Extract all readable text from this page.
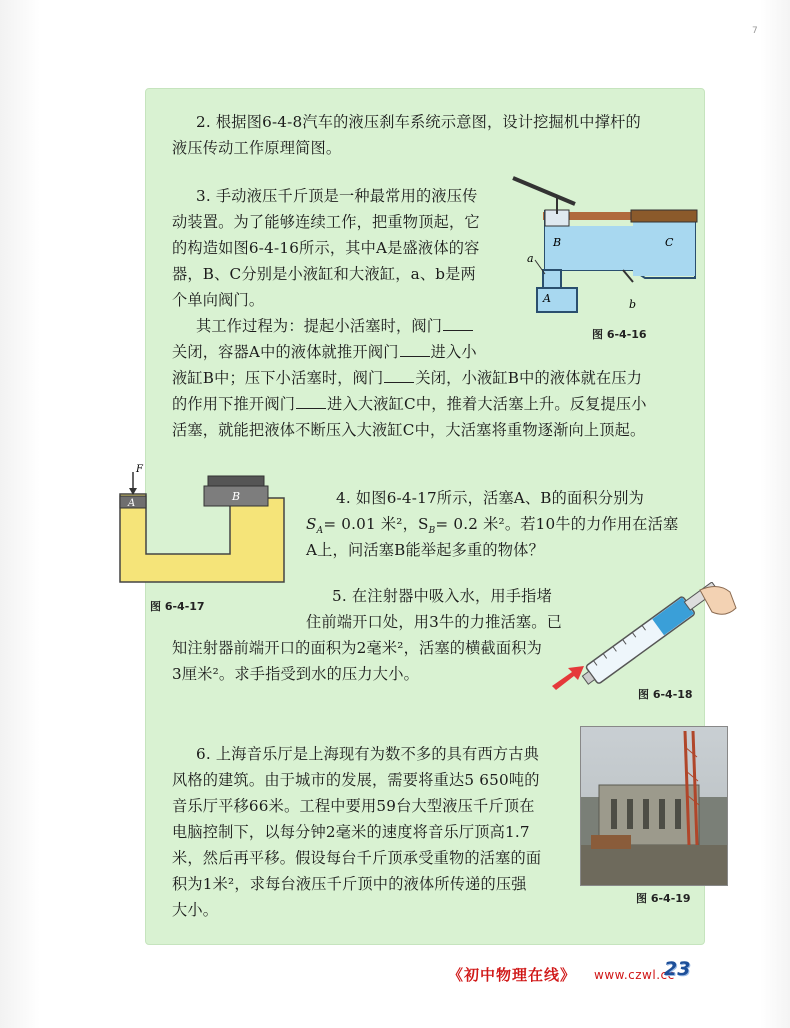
7
2. 根据图6-4-8汽车的液压刹车系统示意图，设计挖掘机中撑杆的
液压传动工作原理简图。
3. 手动液压千斤顶是一种最常用的液压传
动装置。为了能够连续工作，把重物顶起，它
的构造如图6-4-16所示，其中A是盛液体的容
器，B、C分别是小液缸和大液缸，a、b是两
个单向阀门。
其工作过程为：提起小活塞时，阀门
关闭，容器A中的液体就推开阀门 进入小
液缸B中；压下小活塞时，阀门 关闭，小液缸B中的液体就在压力
的作用下推开阀门 进入大液缸C中，推着大活塞上升。反复提压小
活塞，就能把液体不断压入大液缸C中，大活塞将重物逐渐向上顶起。
a
b
A
B	C
图 6-4-16
F
A
B
图 6-4-17
4. 如图6-4-17所示，活塞A、B的面积分别为
$S_A= 0.01$ 米²，$S_B= 0.2$ 米²。若10牛的力作用在活塞
A上，问活塞B能举起多重的物体？
5. 在注射器中吸入水，用手指堵
住前端开口处，用3牛的力推活塞。已
知注射器前端开口的面积为2毫米²，活塞的横截面积为
3厘米²。求手指受到水的压力大小。
图 6-4-18
6. 上海音乐厅是上海现有为数不多的具有西方古典
风格的建筑。由于城市的发展，需要将重达5 650吨的
音乐厅平移66米。工程中要用59台大型液压千斤顶在
电脑控制下，以每分钟2毫米的速度将音乐厅顶高1.7
米，然后再平移。假设每台千斤顶承受重物的活塞的面
积为1米²，求每台液压千斤顶中的液体所传递的压强
大小。
图 6-4-19
《初中物理在线》 www.czwl.cc
23
